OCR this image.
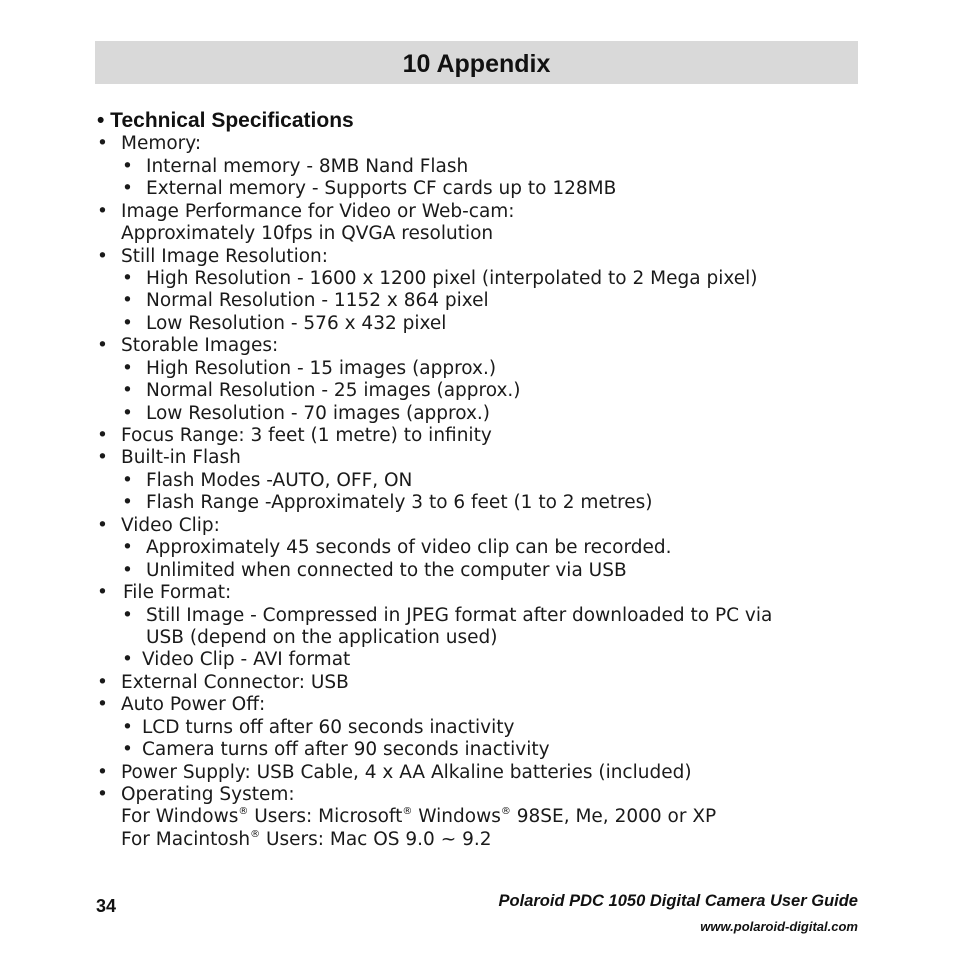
10 Appendix
• Technical Specifications
• Memory:
• Internal memory - 8MB Nand Flash
• External memory - Supports CF cards up to 128MB
• Image Performance for Video or Web-cam:
Approximately 10fps in QVGA resolution
• Still Image Resolution:
• High Resolution - 1600 x 1200 pixel (interpolated to 2 Mega pixel)
• Normal Resolution - 1152 x 864 pixel
• Low Resolution - 576 x 432 pixel
• Storable Images:
• High Resolution - 15 images (approx.)
• Normal Resolution - 25 images (approx.)
• Low Resolution - 70 images (approx.)
• Focus Range: 3 feet (1 metre) to infinity
• Built-in Flash
• Flash Modes -AUTO, OFF, ON
• Flash Range -Approximately 3 to 6 feet (1 to 2 metres)
• Video Clip:
• Approximately 45 seconds of video clip can be recorded.
• Unlimited when connected to the computer via USB
• File Format:
• Still Image - Compressed in JPEG format after downloaded to PC via
USB (depend on the application used)
• Video Clip - AVI format
• External Connector: USB
• Auto Power Off:
• LCD turns off after 60 seconds inactivity
• Camera turns off after 90 seconds inactivity
• Power Supply: USB Cable, 4 x AA Alkaline batteries (included)
• Operating System:
For Windows® Users: Microsoft® Windows® 98SE, Me, 2000 or XP
For Macintosh® Users: Mac OS 9.0 ~ 9.2
34	Polaroid PDC 1050 Digital Camera User Guide
www.polaroid-digital.com
